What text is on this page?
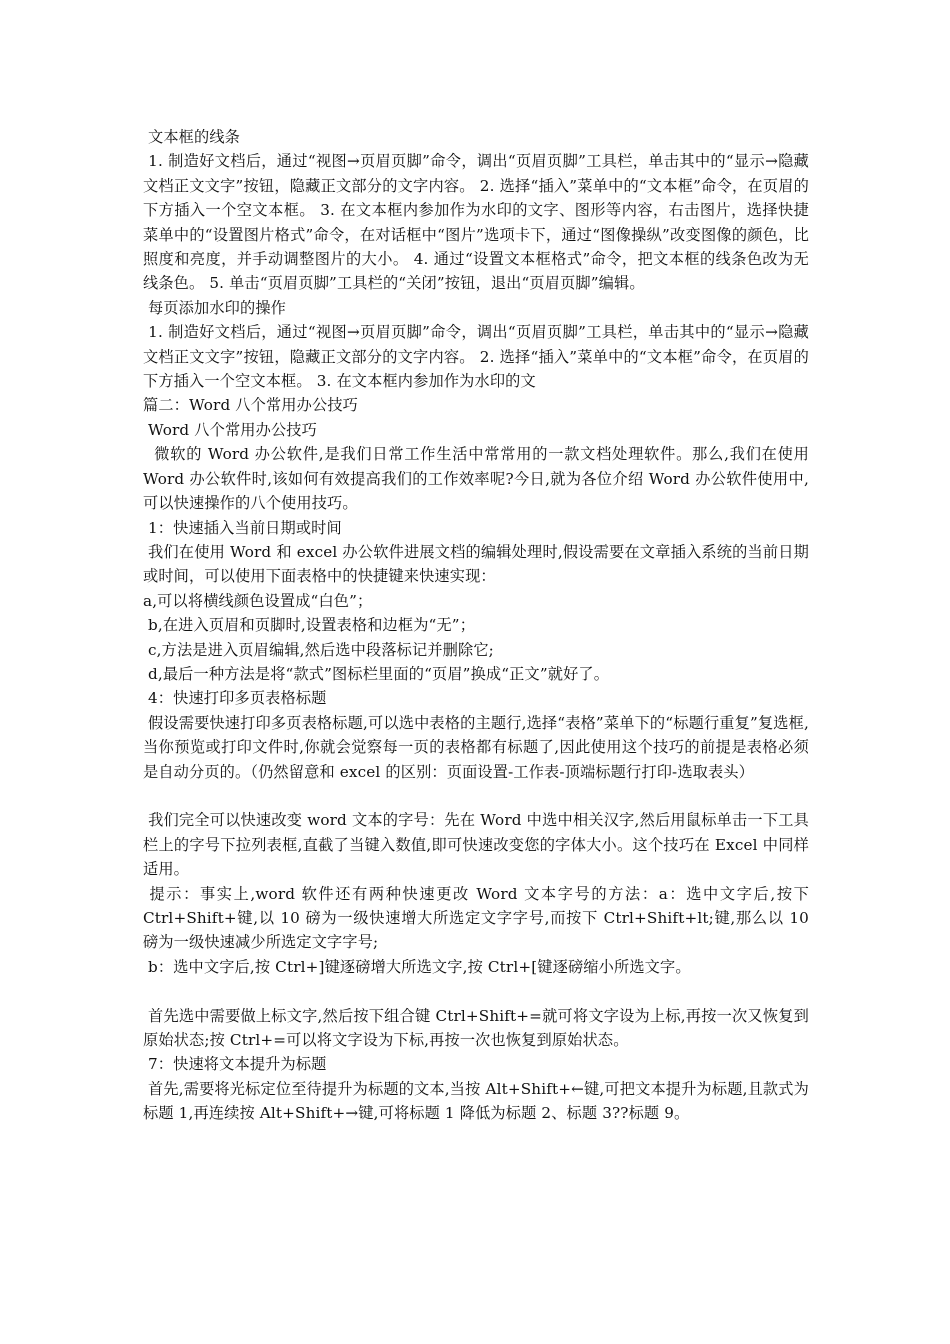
文本框的线条

1. 制造好文档后，通过“视图→页眉页脚”命令，调出“页眉页脚”工具栏，单击其中的“显示→隐藏文档正文文字”按钮，隐藏正文部分的文字内容。 2. 选择“插入”菜单中的“文本框”命令，在页眉的下方插入一个空文本框。 3. 在文本框内参加作为水印的文字、图形等内容，右击图片，选择快捷菜单中的“设置图片格式”命令，在对话框中“图片”选项卡下，通过“图像操纵”改变图像的颜色，比照度和亮度，并手动调整图片的大小。 4. 通过“设置文本框格式”命令，把文本框的线条色改为无线条色。 5. 单击“页眉页脚”工具栏的“关闭”按钮，退出“页眉页脚”编辑。

每页添加水印的操作

1. 制造好文档后，通过“视图→页眉页脚”命令，调出“页眉页脚”工具栏，单击其中的“显示→隐藏文档正文文字”按钮，隐藏正文部分的文字内容。 2. 选择“插入”菜单中的“文本框”命令，在页眉的下方插入一个空文本框。 3. 在文本框内参加作为水印的文

篇二：Word 八个常用办公技巧

Word 八个常用办公技巧

微软的 Word 办公软件,是我们日常工作生活中常常用的一款文档处理软件。那么,我们在使用 Word 办公软件时,该如何有效提高我们的工作效率呢?今日,就为各位介绍 Word 办公软件使用中,可以快速操作的八个使用技巧。

1：快速插入当前日期或时间

我们在使用 Word 和 excel 办公软件进展文档的编辑处理时,假设需要在文章插入系统的当前日期或时间，可以使用下面表格中的快捷键来快速实现：

a,可以将横线颜色设置成“白色”；

b,在进入页眉和页脚时,设置表格和边框为“无”；

c,方法是进入页眉编辑,然后选中段落标记并删除它;

d,最后一种方法是将“款式”图标栏里面的“页眉”换成“正文”就好了。

4：快速打印多页表格标题

假设需要快速打印多页表格标题,可以选中表格的主题行,选择“表格”菜单下的“标题行重复”复选框,当你预览或打印文件时,你就会觉察每一页的表格都有标题了,因此使用这个技巧的前提是表格必须是自动分页的。（仍然留意和 excel 的区别：页面设置-工作表-顶端标题行打印-选取表头）

我们完全可以快速改变 word 文本的字号：先在 Word 中选中相关汉字,然后用鼠标单击一下工具栏上的字号下拉列表框,直截了当键入数值,即可快速改变您的字体大小。这个技巧在 Excel 中同样适用。

提示：事实上,word 软件还有两种快速更改 Word 文本字号的方法：a：选中文字后,按下 Ctrl+Shift+键,以 10 磅为一级快速增大所选定文字字号,而按下 Ctrl+Shift+lt;键,那么以 10 磅为一级快速减少所选定文字字号;

b：选中文字后,按 Ctrl+]键逐磅增大所选文字,按 Ctrl+[键逐磅缩小所选文字。

首先选中需要做上标文字,然后按下组合键 Ctrl+Shift+=就可将文字设为上标,再按一次又恢复到原始状态;按 Ctrl+=可以将文字设为下标,再按一次也恢复到原始状态。

7：快速将文本提升为标题

首先,需要将光标定位至待提升为标题的文本,当按 Alt+Shift+←键,可把文本提升为标题,且款式为标题 1,再连续按 Alt+Shift+→键,可将标题 1 降低为标题 2、标题 3??标题 9。
